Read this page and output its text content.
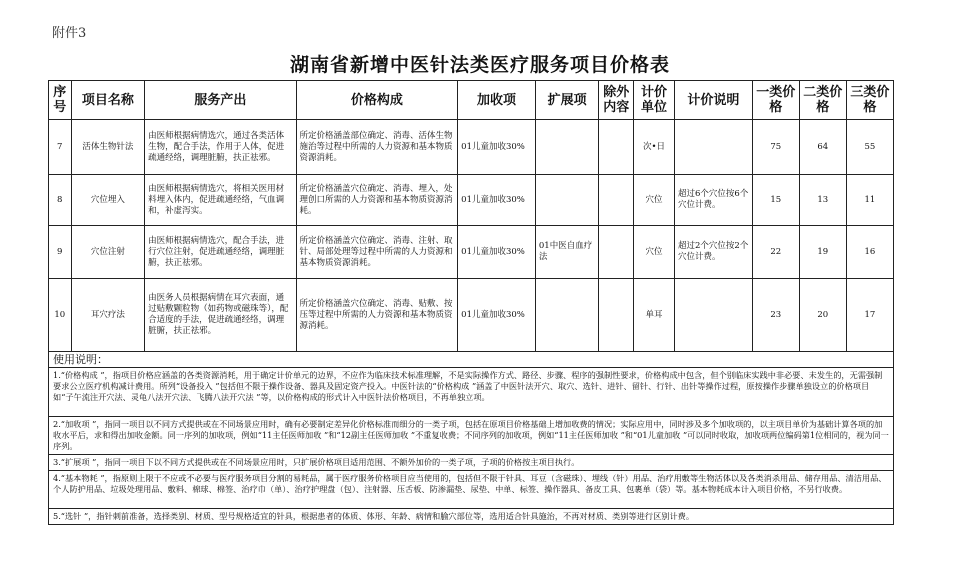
附件3
湖南省新增中医针法类医疗服务项目价格表
序号	项目名称	服务产出	价格构成	加收项	扩展项	除外内容	计价单位	计价说明	一类价格	二类价格	三类价格
7	活体生物针法	由医师根据病情选穴，通过各类活体生物，配合手法，作用于人体，促进疏通经络，调理脏腑，扶正祛邪。	所定价格涵盖部位确定、消毒、活体生物施治等过程中所需的人力资源和基本物质资源消耗。	01儿童加收30%			次•日		75	64	55
8	穴位埋入	由医师根据病情选穴，将相关医用材料埋入体内，促进疏通经络，气血调和，补虚泻实。	所定价格涵盖穴位确定、消毒、埋入，处理创口所需的人力资源和基本物质资源消耗。	01儿童加收30%			穴位	超过6个穴位按6个穴位计费。	15	13	11
9	穴位注射	由医师根据病情选穴，配合手法，进行穴位注射，促进疏通经络，调理脏腑，扶正祛邪。	所定价格涵盖穴位确定、消毒、注射、取针、局部处理等过程中所需的人力资源和基本物质资源消耗。	01儿童加收30%	01中医自血疗法		穴位	超过2个穴位按2个穴位计费。	22	19	16
10	耳穴疗法	由医务人员根据病情在耳穴表面，通过贴敷颗粒物（如药物或磁珠等），配合适度的手法，促进疏通经络，调理脏腑，扶正祛邪。	所定价格涵盖穴位确定、消毒、贴敷、按压等过程中所需的人力资源和基本物质资源消耗。	01儿童加收30%			单耳		23	20	17
使用说明：
1.“价格构成 ”，指项目价格应涵盖的各类资源消耗，用于确定计价单元的边界，不应作为临床技术标准理解，不是实际操作方式、路径、步骤、程序的强制性要求，价格构成中包含，但个别临床实践中非必要、未发生的，无需强制要求公立医疗机构减计费用。所列“设备投入 ”包括但不限于操作设备、器具及固定资产投入。中医针法的“价格构成 ”涵盖了中医针法开穴、取穴、选针、进针、留针、行针、出针等操作过程，原按操作步骤单独设立的价格项目如“子午流注开穴法、灵龟八法开穴法、飞腾八法开穴法 ”等，以价格构成的形式计入中医针法价格项目，不再单独立项。
2.“加收项 ”，指同一项目以不同方式提供或在不同场景应用时，确有必要制定差异化价格标准而细分的一类子项，包括在原项目价格基础上增加收费的情况；实际应用中，同时涉及多个加收项的，以主项目单价为基础计算各项的加收水平后，求和得出加收金额。同一序列的加收项，例如“11主任医师加收 ”和“12副主任医师加收 ”不重复收费；不同序列的加收项，例如“11主任医师加收 ”和“01儿童加收 ”可以同时收取，加收项两位编码第1位相同的，视为同一序列。
3.“扩展项 ”，指同一项目下以不同方式提供或在不同场景应用时，只扩展价格项目适用范围、不额外加价的一类子项，子项的价格按主项目执行。
4.“基本物耗 ”，指原则上限于不应或不必要与医疗服务项目分割的易耗品，属于医疗服务价格项目应当使用的，包括但不限于针具、耳豆（含磁珠）、埋线（针）用品、治疗用敷等生物活体以及各类消杀用品、储存用品、清洁用品、个人防护用品、垃圾处理用品、敷料、棉球、棉签、治疗巾（单）、治疗护理盘（包）、注射器、压舌板、防渗漏垫、尿垫、中单、标签、操作器具、备皮工具、包裹单（袋）等。基本物耗成本计入项目价格，不另行收费。
5.“选针 ”，指针刺前准备，选择类别、材质、型号规格适宜的针具，根据患者的体质、体形、年龄、病情和腧穴部位等，选用适合针具施治，不再对材质、类别等进行区别计费。
